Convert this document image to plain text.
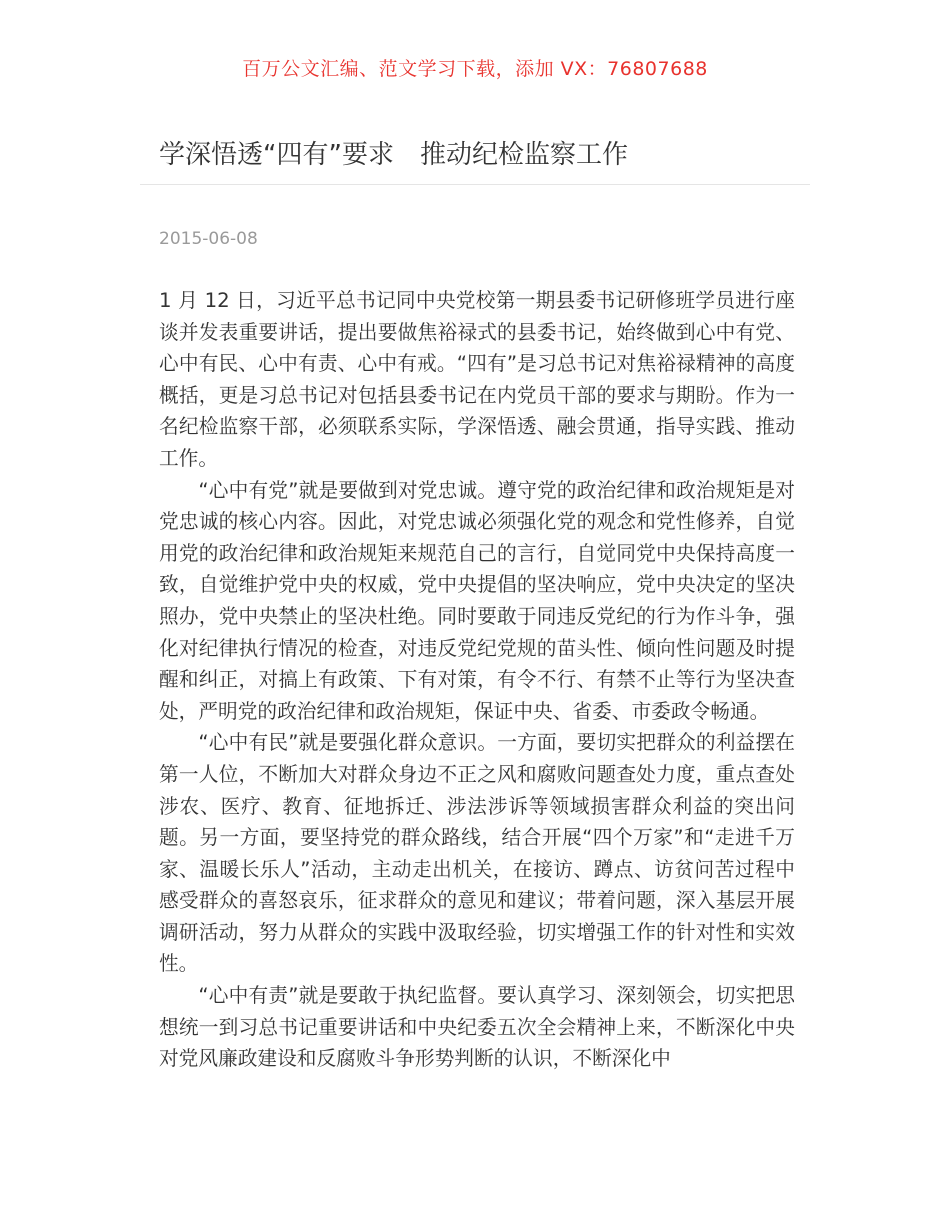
百万公文汇编、范文学习下载，添加 VX：76807688
学深悟透“四有”要求　推动纪检监察工作
2015-06-08

1 月 12 日，习近平总书记同中央党校第一期县委书记研修班学员进行座谈并发表重要讲话，提出要做焦裕禄式的县委书记，始终做到心中有党、心中有民、心中有责、心中有戒。“四有”是习总书记对焦裕禄精神的高度概括，更是习总书记对包括县委书记在内党员干部的要求与期盼。作为一名纪检监察干部，必须联系实际，学深悟透、融会贯通，指导实践、推动工作。

“心中有党”就是要做到对党忠诚。遵守党的政治纪律和政治规矩是对党忠诚的核心内容。因此，对党忠诚必须强化党的观念和党性修养，自觉用党的政治纪律和政治规矩来规范自己的言行，自觉同党中央保持高度一致，自觉维护党中央的权威，党中央提倡的坚决响应，党中央决定的坚决照办，党中央禁止的坚决杜绝。同时要敢于同违反党纪的行为作斗争，强化对纪律执行情况的检查，对违反党纪党规的苗头性、倾向性问题及时提醒和纠正，对搞上有政策、下有对策，有令不行、有禁不止等行为坚决查处，严明党的政治纪律和政治规矩，保证中央、省委、市委政令畅通。

“心中有民”就是要强化群众意识。一方面，要切实把群众的利益摆在第一人位，不断加大对群众身边不正之风和腐败问题查处力度，重点查处涉农、医疗、教育、征地拆迁、涉法涉诉等领域损害群众利益的突出问题。另一方面，要坚持党的群众路线，结合开展“四个万家”和“走进千万家、温暖长乐人”活动，主动走出机关，在接访、蹲点、访贫问苦过程中感受群众的喜怒哀乐，征求群众的意见和建议；带着问题，深入基层开展调研活动，努力从群众的实践中汲取经验，切实增强工作的针对性和实效性。

“心中有责”就是要敢于执纪监督。要认真学习、深刻领会，切实把思想统一到习总书记重要讲话和中央纪委五次全会精神上来，不断深化中央对党风廉政建设和反腐败斗争形势判断的认识，不断深化中
